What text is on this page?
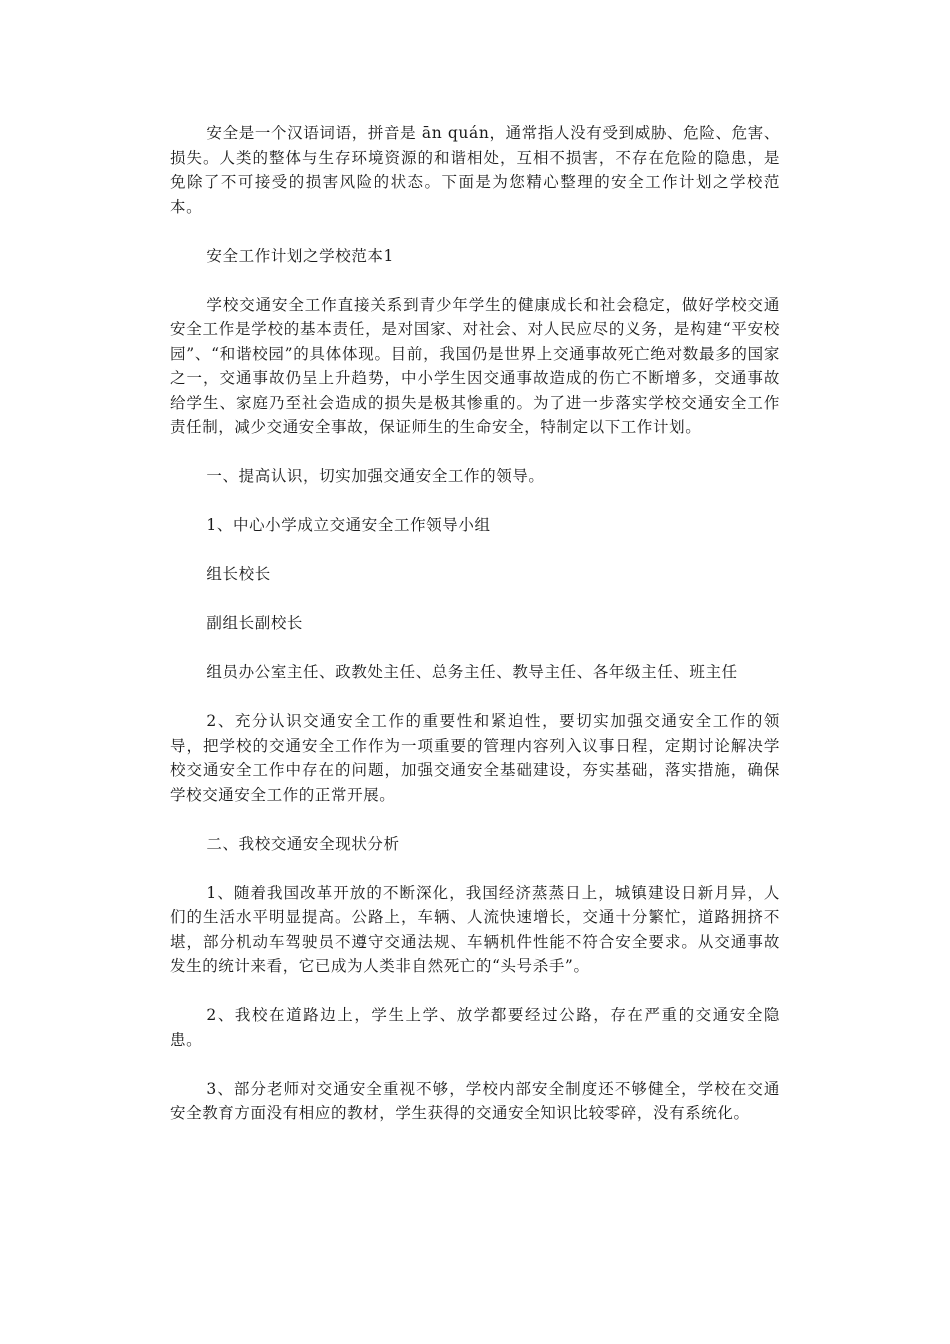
安全是一个汉语词语，拼音是 ān quán，通常指人没有受到威胁、危险、危害、损失。人类的整体与生存环境资源的和谐相处，互相不损害，不存在危险的隐患，是免除了不可接受的损害风险的状态。下面是为您精心整理的安全工作计划之学校范本。

安全工作计划之学校范本1

学校交通安全工作直接关系到青少年学生的健康成长和社会稳定，做好学校交通安全工作是学校的基本责任，是对国家、对社会、对人民应尽的义务，是构建“平安校园”、“和谐校园”的具体体现。目前，我国仍是世界上交通事故死亡绝对数最多的国家之一，交通事故仍呈上升趋势，中小学生因交通事故造成的伤亡不断增多，交通事故给学生、家庭乃至社会造成的损失是极其惨重的。为了进一步落实学校交通安全工作责任制，减少交通安全事故，保证师生的生命安全，特制定以下工作计划。

一、提高认识，切实加强交通安全工作的领导。

1、中心小学成立交通安全工作领导小组

组长校长

副组长副校长

组员办公室主任、政教处主任、总务主任、教导主任、各年级主任、班主任

2、充分认识交通安全工作的重要性和紧迫性，要切实加强交通安全工作的领导，把学校的交通安全工作作为一项重要的管理内容列入议事日程，定期讨论解决学校交通安全工作中存在的问题，加强交通安全基础建设，夯实基础，落实措施，确保学校交通安全工作的正常开展。

二、我校交通安全现状分析

1、随着我国改革开放的不断深化，我国经济蒸蒸日上，城镇建设日新月异，人们的生活水平明显提高。公路上，车辆、人流快速增长，交通十分繁忙，道路拥挤不堪，部分机动车驾驶员不遵守交通法规、车辆机件性能不符合安全要求。从交通事故发生的统计来看，它已成为人类非自然死亡的“头号杀手”。

2、我校在道路边上，学生上学、放学都要经过公路，存在严重的交通安全隐患。

3、部分老师对交通安全重视不够，学校内部安全制度还不够健全，学校在交通安全教育方面没有相应的教材，学生获得的交通安全知识比较零碎，没有系统化。
